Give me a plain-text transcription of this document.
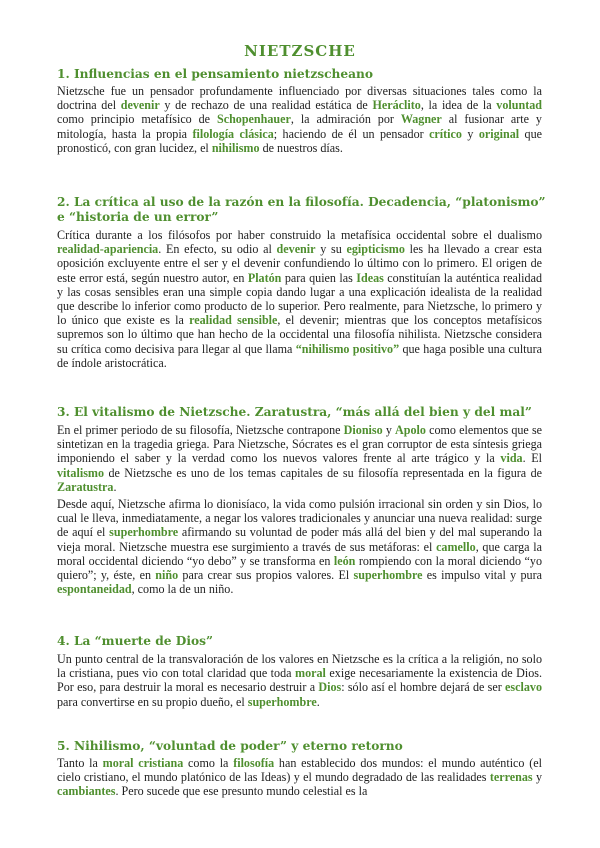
NIETZSCHE
1. Influencias en el pensamiento nietzscheano

Nietzsche fue un pensador profundamente influenciado por diversas situaciones tales como la doctrina del devenir y de rechazo de una realidad estática de Heráclito, la idea de la voluntad como principio metafísico de Schopenhauer, la admiración por Wagner al fusionar arte y mitología, hasta la propia filología clásica; haciendo de él un pensador crítico y original que pronosticó, con gran lucidez, el nihilismo de nuestros días.

2. La crítica al uso de la razón en la filosofía. Decadencia, “platonismo” e “historia de un error”

Crítica durante a los filósofos por haber construido la metafísica occidental sobre el dualismo realidad-apariencia. En efecto, su odio al devenir y su egipticismo les ha llevado a crear esta oposición excluyente entre el ser y el devenir confundiendo lo último con lo primero. El origen de este error está, según nuestro autor, en Platón para quien las Ideas constituían la auténtica realidad y las cosas sensibles eran una simple copia dando lugar a una explicación idealista de la realidad que describe lo inferior como producto de lo superior. Pero realmente, para Nietzsche, lo primero y lo único que existe es la realidad sensible, el devenir; mientras que los conceptos metafísicos supremos son lo último que han hecho de la occidental una filosofía nihilista. Nietzsche considera su crítica como decisiva para llegar al que llama “nihilismo positivo” que haga posible una cultura de índole aristocrática.

3. El vitalismo de Nietzsche. Zaratustra, “más allá del bien y del mal”

En el primer periodo de su filosofía, Nietzsche contrapone Dioniso y Apolo como elementos que se sintetizan en la tragedia griega. Para Nietzsche, Sócrates es el gran corruptor de esta síntesis griega imponiendo el saber y la verdad como los nuevos valores frente al arte trágico y la vida. El vitalismo de Nietzsche es uno de los temas capitales de su filosofía representada en la figura de Zaratustra.

Desde aquí, Nietzsche afirma lo dionisíaco, la vida como pulsión irracional sin orden y sin Dios, lo cual le lleva, inmediatamente, a negar los valores tradicionales y anunciar una nueva realidad: surge de aquí el superhombre afirmando su voluntad de poder más allá del bien y del mal superando la vieja moral. Nietzsche muestra ese surgimiento a través de sus metáforas: el camello, que carga la moral occidental diciendo “yo debo” y se transforma en león rompiendo con la moral diciendo “yo quiero”; y, éste, en niño para crear sus propios valores. El superhombre es impulso vital y pura espontaneidad, como la de un niño.

4. La “muerte de Dios”

Un punto central de la transvaloración de los valores en Nietzsche es la crítica a la religión, no solo la cristiana, pues vio con total claridad que toda moral exige necesariamente la existencia de Dios. Por eso, para destruir la moral es necesario destruir a Dios: sólo así el hombre dejará de ser esclavo para convertirse en su propio dueño, el superhombre.

5. Nihilismo, “voluntad de poder” y eterno retorno

Tanto la moral cristiana como la filosofía han establecido dos mundos: el mundo auténtico (el cielo cristiano, el mundo platónico de las Ideas) y el mundo degradado de las realidades terrenas y cambiantes. Pero sucede que ese presunto mundo celestial es la
